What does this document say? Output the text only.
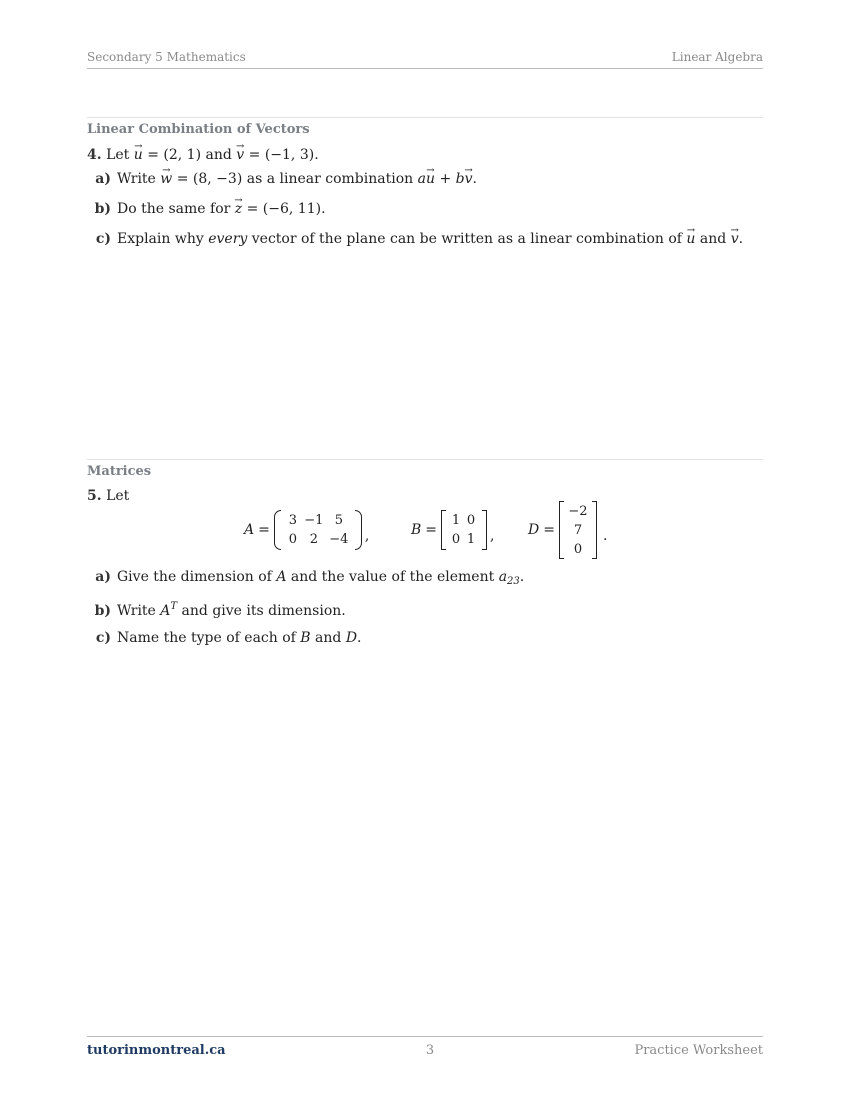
Secondary 5 Mathematics	Linear Algebra
Linear Combination of Vectors
4. Let → u = (2, 1) and → v = (−1, 3).
a) Write → w = (8, −3) as a linear combination a→ u + b→ v.
b) Do the same for → z = (−6, 11).
c) Explain why every vector of the plane can be written as a linear combination of → u and → v.
Matrices
5. Let
A =
3 −1 5
0 2 −4 ,	B =
1 0
0 1 , D =
−2
7
0
.
a) Give the dimension of A and the value of the element $a_{23}$.
b) Write $A^T$ and give its dimension.
c) Name the type of each of B and D.
tutorinmontreal.ca	3	Practice Worksheet
